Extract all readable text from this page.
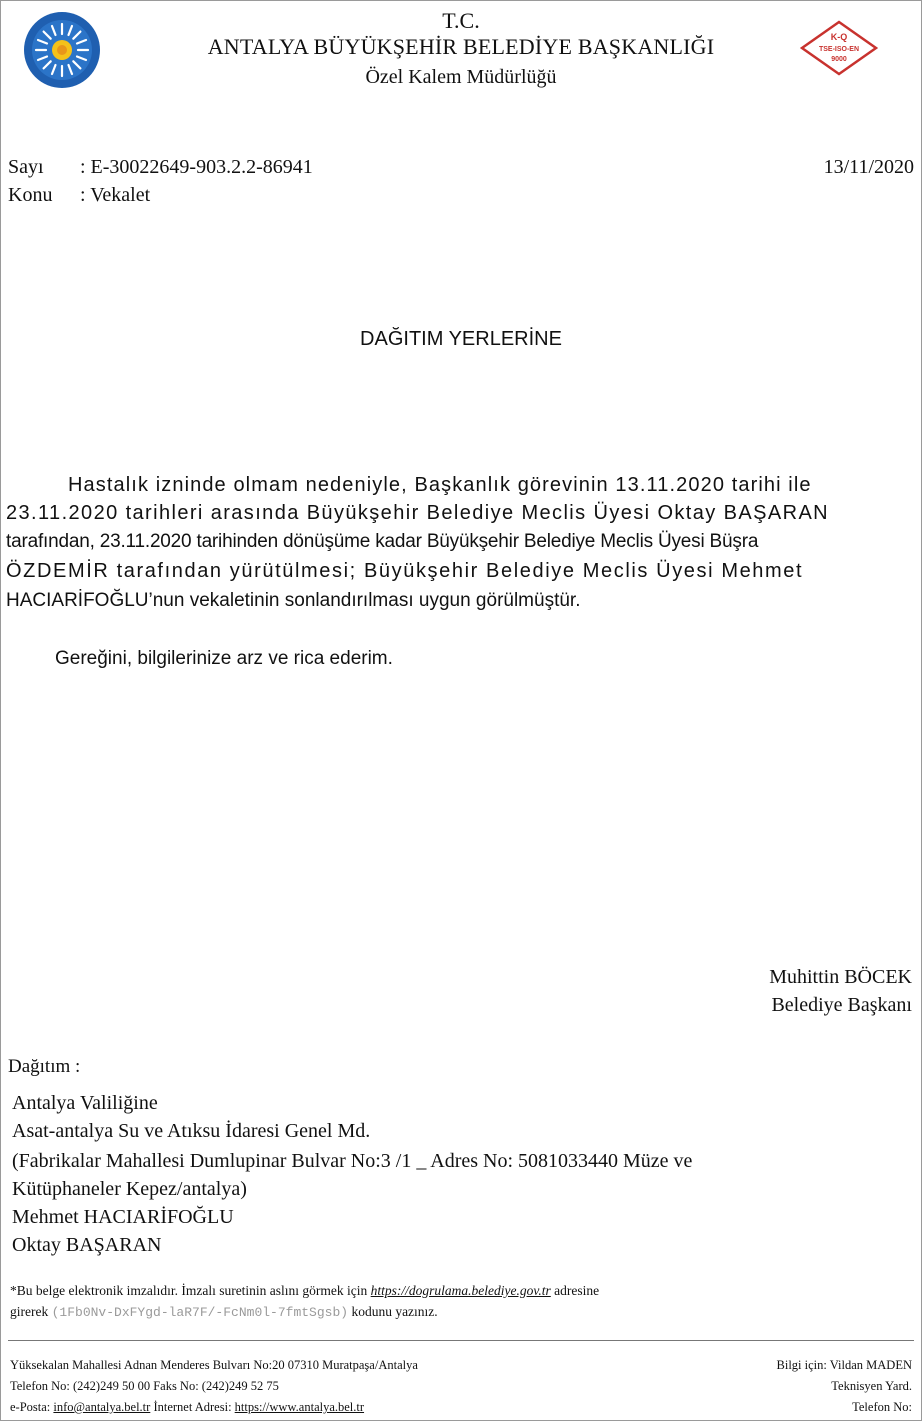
T.C.
ANTALYA BÜYÜKŞEHİR BELEDİYE BAŞKANLIĞI
Özel Kalem Müdürlüğü
K-Q
TSE-ISO-EN
9000
Sayı : E-30022649-903.2.2-86941	13/11/2020
Konu : Vekalet
DAĞITIM YERLERİNE
Hastalık izninde olmam nedeniyle, Başkanlık görevinin 13.11.2020 tarihi ile
23.11.2020 tarihleri arasında Büyükşehir Belediye Meclis Üyesi Oktay BAŞARAN
tarafından, 23.11.2020 tarihinden dönüşüme kadar Büyükşehir Belediye Meclis Üyesi Büşra
ÖZDEMİR tarafından yürütülmesi; Büyükşehir Belediye Meclis Üyesi Mehmet
HACIARİFOĞLU’nun vekaletinin sonlandırılması uygun görülmüştür.
Gereğini, bilgilerinize arz ve rica ederim.
Muhittin BÖCEK
Belediye Başkanı
Dağıtım :
Antalya Valiliğine
Asat-antalya Su ve Atıksu İdaresi Genel Md.
(Fabrikalar Mahallesi Dumlupinar Bulvar No:3 /1 _ Adres No: 5081033440 Müze ve
Kütüphaneler Kepez/antalya)
Mehmet HACIARİFOĞLU
Oktay BAŞARAN
*Bu belge elektronik imzalıdır. İmzalı suretinin aslını görmek için https://dogrulama.belediye.gov.tr adresine
girerek (1Fb0Nv-DxFYgd-laR7F/-FcNm0l-7fmtSgsb) kodunu yazınız.
Yüksekalan Mahallesi Adnan Menderes Bulvarı No:20 07310 Muratpaşa/Antalya
Telefon No: (242)249 50 00 Faks No: (242)249 52 75
e-Posta: info@antalya.bel.tr İnternet Adresi: https://www.antalya.bel.tr
Bilgi için: Vildan MADEN
Teknisyen Yard.
Telefon No:
